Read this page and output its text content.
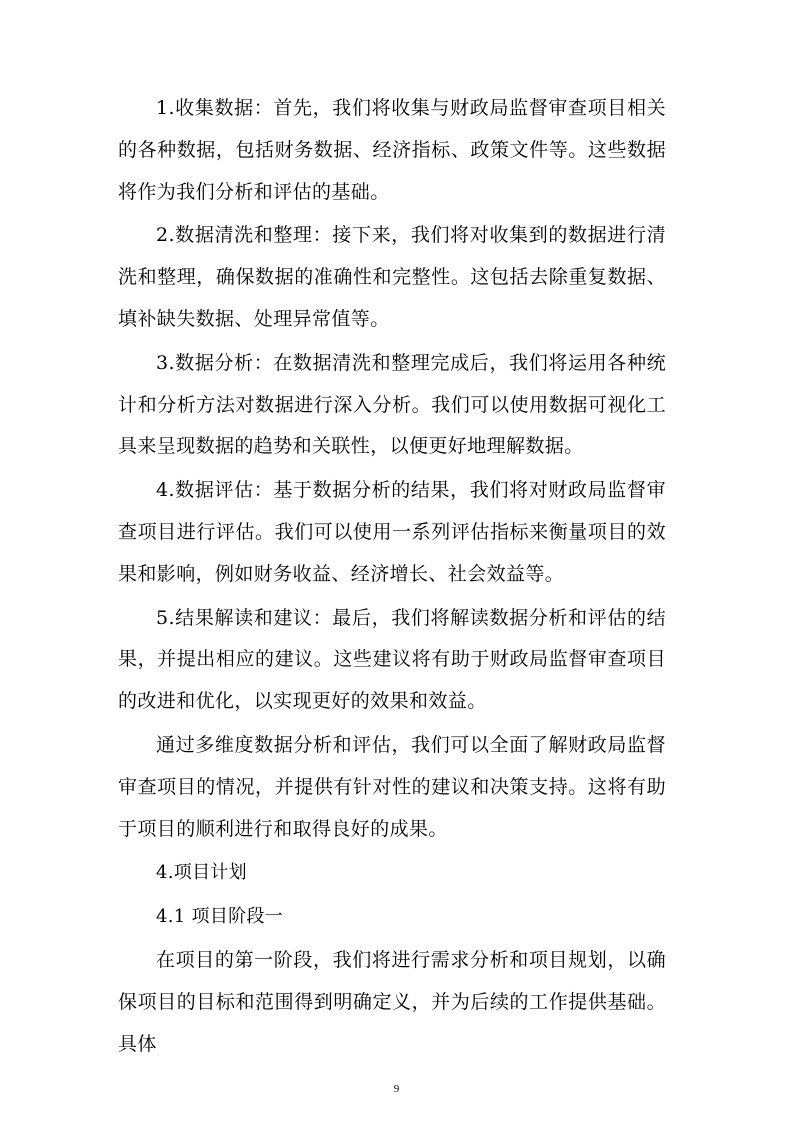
1.收集数据：首先，我们将收集与财政局监督审查项目相关的各种数据，包括财务数据、经济指标、政策文件等。这些数据将作为我们分析和评估的基础。

2.数据清洗和整理：接下来，我们将对收集到的数据进行清洗和整理，确保数据的准确性和完整性。这包括去除重复数据、填补缺失数据、处理异常值等。

3.数据分析：在数据清洗和整理完成后，我们将运用各种统计和分析方法对数据进行深入分析。我们可以使用数据可视化工具来呈现数据的趋势和关联性，以便更好地理解数据。

4.数据评估：基于数据分析的结果，我们将对财政局监督审查项目进行评估。我们可以使用一系列评估指标来衡量项目的效果和影响，例如财务收益、经济增长、社会效益等。

5.结果解读和建议：最后，我们将解读数据分析和评估的结果，并提出相应的建议。这些建议将有助于财政局监督审查项目的改进和优化，以实现更好的效果和效益。

通过多维度数据分析和评估，我们可以全面了解财政局监督审查项目的情况，并提供有针对性的建议和决策支持。这将有助于项目的顺利进行和取得良好的成果。

4.项目计划

4.1 项目阶段一

在项目的第一阶段，我们将进行需求分析和项目规划，以确保项目的目标和范围得到明确定义，并为后续的工作提供基础。具体

9
